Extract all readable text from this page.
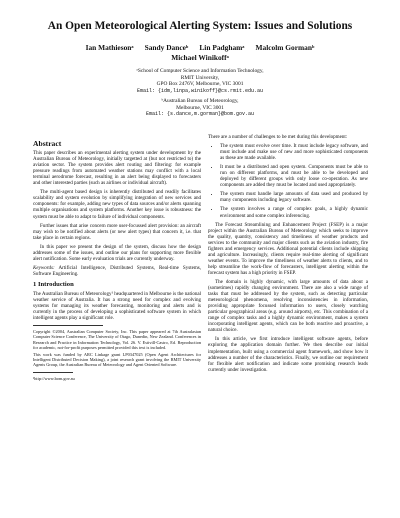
An Open Meteorological Alerting System: Issues and Solutions
Ian Mathiesonᵃ      Sandy Danceᵇ      Lin Padghamᵃ      Malcolm Gormanᵇ
Michael Winikoffᵃ
ᵃSchool of Computer Science and Information Technology,
RMIT University,
GPO Box 2476V, Melbourne, VIC 3001
Email: {idm,linpa,winikoff}@cs.rmit.edu.au
ᵇAustralian Bureau of Meteorology,
Melbourne, VIC 3001
Email: {s.dance,m.gorman}@bom.gov.au
Abstract

This paper describes an experimental alerting system under development by the Australian Bureau of Meteorology, initially targetted at (but not restricted to) the aviation sector. The system provides alert routing and filtering: for example pressure readings from automated weather stations may conflict with a local terminal aerodrome forecast, resulting in an alert being displayed to forecasters and other interested parties (such as airlines or individual aircraft).

The multi-agent based design is inherently distributed and readily facilitates scalability and system evolution by simplifying integration of new services and components: for example, adding new types of data sources and/or alerts spanning multiple organisations and system platforms. Another key issue is robustness: the system must be able to adapt to failure of individual components.

Further issues that arise concern more user-focussed alert provision: an aircraft may wish to be notified about alerts (or new alert types) that concern it, i.e. that take place in certain regions.

In this paper we present the design of the system, discuss how the design addresses some of the issues, and outline our plans for supporting more flexible alert notification. Some early evaluation trials are currently underway.

Keywords: Artificial Intelligence, Distributed Systems, Real-time Systems, Software Engineering.

1 Introduction

The Australian Bureau of Meteorology¹ headquartered in Melbourne is the national weather service of Australia. It has a strong need for complex and evolving systems for managing its weather forecasting, monitoring and alerts and is currently in the process of developing a sophisticated software system in which intelligent agents play a significant role.

Copyright ©2004, Australian Computer Society, Inc. This paper appeared at 7th Australasian Computer Science Conference, The University of Otago, Dunedin, New Zealand. Conferences in Research and Practice in Information Technology, Vol. 26. V. Estivill-Castro, Ed. Reproduction for academic, not-for-profit purposes permitted provided this text is included.

This work was funded by ARC Linkage grant LP0347025 (Open Agent Architectures for Intelligent Distributed Decision Making), a joint research grant involving the RMIT University Agents Group, the Australian Bureau of Meteorology and Agent Oriented Software.

¹http://www.bom.gov.au

There are a number of challenges to be met during this development:

• The system must evolve over time. It must include legacy software, and must include and make use of new and more sophisticated components as these are made available.
• It must be a distributed and open system. Components must be able to run on different platforms, and must be able to be developed and deployed by different groups with only loose co-operation. As new components are added they must be located and used appropriately.
• The system must handle large amounts of data used and produced by many components including legacy software.
• The system involves a range of complex goals, a highly dynamic environment and some complex inferencing.

The Forecast Streamlining and Enhancement Project (FSEP) is a major project within the Australian Bureau of Meteorology which seeks to improve the quality, quantity, consistency and timeliness of weather products and services to the community and major clients such as the aviation industry, fire fighters and emergency services. Additional potential clients include shipping and agriculture. Increasingly, clients require real-time alerting of significant weather events. To improve the timeliness of weather alerts to clients, and to help streamline the work-flow of forecasters, intelligent alerting within the forecast system has a high priority in FSEP.

The domain is highly dynamic, with large amounts of data about a (sometimes) rapidly changing environment. There are also a wide range of tasks that must be addressed by the system, such as detecting particular meteorological phenomena, resolving inconsistencies in information, providing appropriate focussed information to users, closely watching particular geographical areas (e.g. around airports), etc. This combination of a range of complex tasks and a highly dynamic environment, makes a system incorporating intelligent agents, which can be both reactive and proactive, a natural choice.

In this article, we first introduce intelligent software agents, before exploring the application domain further. We then describe our initial implementation, built using a commercial agent framework, and show how it addresses a number of the characteristics. Finally, we outline our requirement for flexible alert notification and indicate some promising research leads currently under investigation.
